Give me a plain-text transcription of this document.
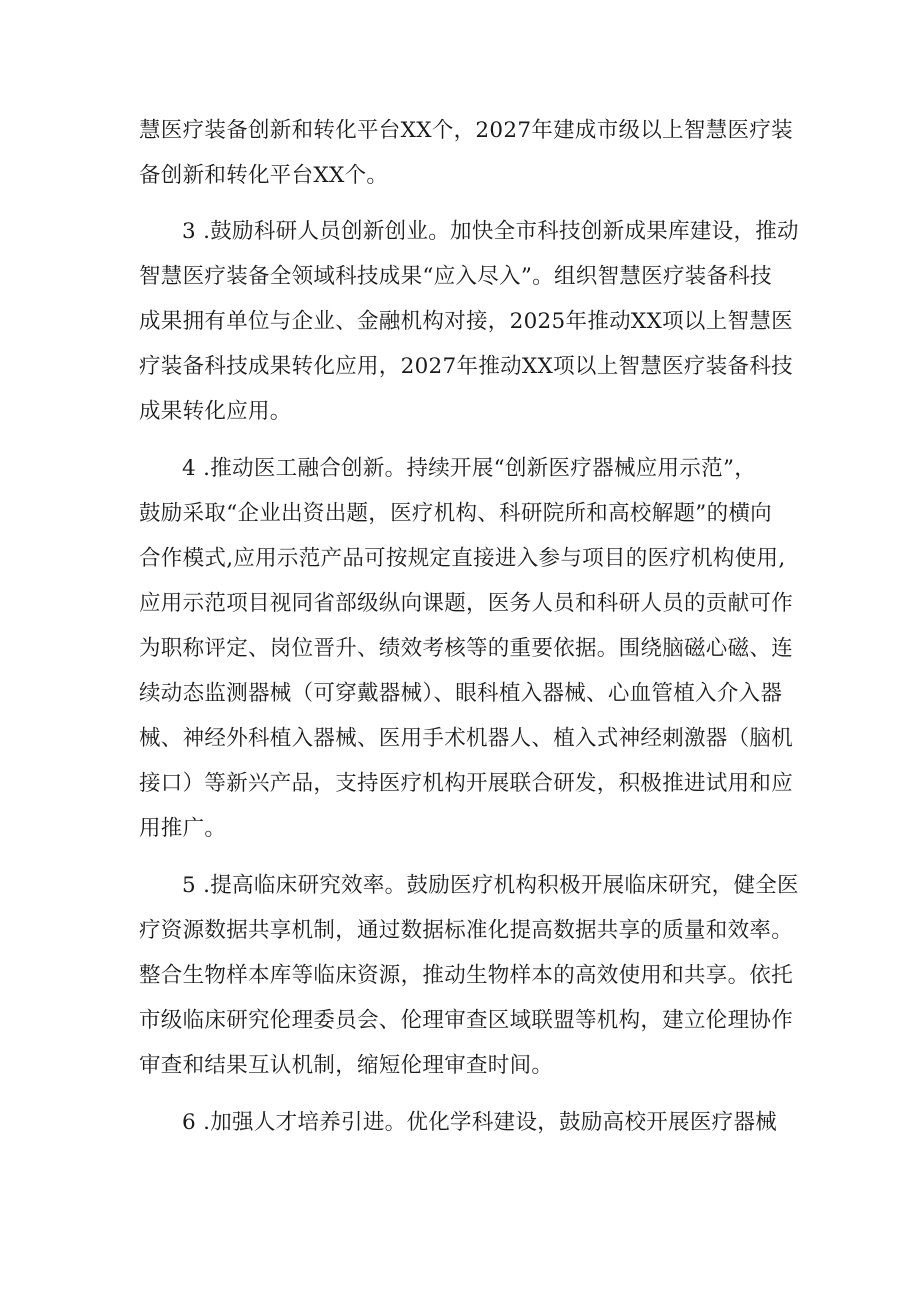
慧医疗装备创新和转化平台XX个，2027年建成市级以上智慧医疗装
备创新和转化平台XX个。
3 .鼓励科研人员创新创业。加快全市科技创新成果库建设，推动
智慧医疗装备全领域科技成果“应入尽入”。组织智慧医疗装备科技
成果拥有单位与企业、金融机构对接，2025年推动XX项以上智慧医
疗装备科技成果转化应用，2027年推动XX项以上智慧医疗装备科技
成果转化应用。
4 .推动医工融合创新。持续开展“创新医疗器械应用示范”，
鼓励采取“企业出资出题，医疗机构、科研院所和高校解题”的横向
合作模式,应用示范产品可按规定直接进入参与项目的医疗机构使用,
应用示范项目视同省部级纵向课题，医务人员和科研人员的贡献可作
为职称评定、岗位晋升、绩效考核等的重要依据。围绕脑磁心磁、连
续动态监测器械（可穿戴器械）、眼科植入器械、心血管植入介入器
械、神经外科植入器械、医用手术机器人、植入式神经刺激器（脑机
接口）等新兴产品，支持医疗机构开展联合研发，积极推进试用和应
用推广。
5 .提高临床研究效率。鼓励医疗机构积极开展临床研究，健全医
疗资源数据共享机制，通过数据标准化提高数据共享的质量和效率。
整合生物样本库等临床资源，推动生物样本的高效使用和共享。依托
市级临床研究伦理委员会、伦理审查区域联盟等机构，建立伦理协作
审查和结果互认机制，缩短伦理审查时间。
6 .加强人才培养引进。优化学科建设，鼓励高校开展医疗器械
